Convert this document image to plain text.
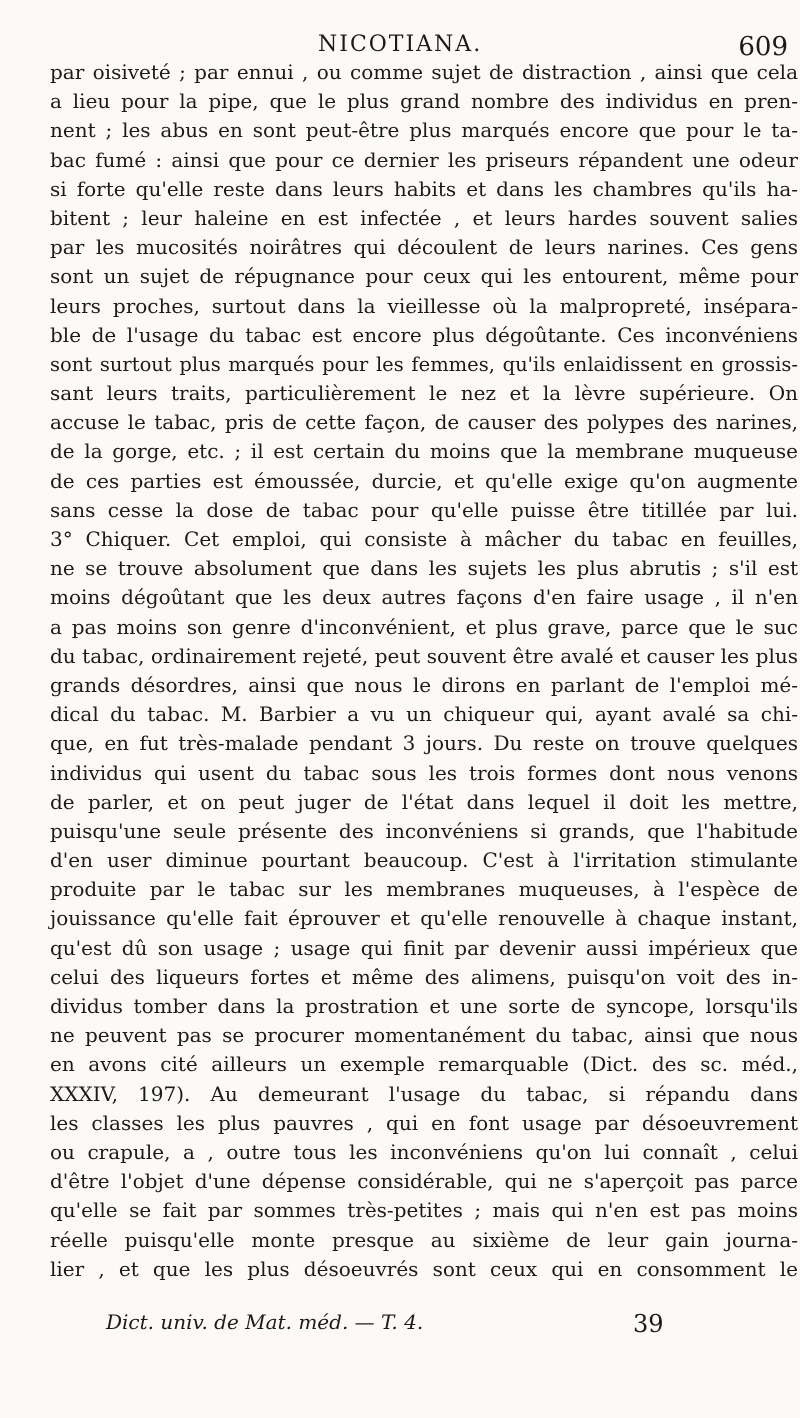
NICOTIANA.	609
par oisiveté ; par ennui , ou comme sujet de distraction , ainsi que cela
a lieu pour la pipe, que le plus grand nombre des individus en pren-
nent ; les abus en sont peut-être plus marqués encore que pour le ta-
bac fumé : ainsi que pour ce dernier les priseurs répandent une odeur
si forte qu'elle reste dans leurs habits et dans les chambres qu'ils ha-
bitent ; leur haleine en est infectée , et leurs hardes souvent salies
par les mucosités noirâtres qui découlent de leurs narines. Ces gens
sont un sujet de répugnance pour ceux qui les entourent, même pour
leurs proches, surtout dans la vieillesse où la malpropreté, insépara-
ble de l'usage du tabac est encore plus dégoûtante. Ces inconvéniens
sont surtout plus marqués pour les femmes, qu'ils enlaidissent en grossis-
sant leurs traits, particulièrement le nez et la lèvre supérieure. On
accuse le tabac, pris de cette façon, de causer des polypes des narines,
de la gorge, etc. ; il est certain du moins que la membrane muqueuse
de ces parties est émoussée, durcie, et qu'elle exige qu'on augmente
sans cesse la dose de tabac pour qu'elle puisse être titillée par lui.
3° Chiquer. Cet emploi, qui consiste à mâcher du tabac en feuilles,
ne se trouve absolument que dans les sujets les plus abrutis ; s'il est
moins dégoûtant que les deux autres façons d'en faire usage , il n'en
a pas moins son genre d'inconvénient, et plus grave, parce que le suc
du tabac, ordinairement rejeté, peut souvent être avalé et causer les plus
grands désordres, ainsi que nous le dirons en parlant de l'emploi mé-
dical du tabac. M. Barbier a vu un chiqueur qui, ayant avalé sa chi-
que, en fut très-malade pendant 3 jours. Du reste on trouve quelques
individus qui usent du tabac sous les trois formes dont nous venons
de parler, et on peut juger de l'état dans lequel il doit les mettre,
puisqu'une seule présente des inconvéniens si grands, que l'habitude
d'en user diminue pourtant beaucoup. C'est à l'irritation stimulante
produite par le tabac sur les membranes muqueuses, à l'espèce de
jouissance qu'elle fait éprouver et qu'elle renouvelle à chaque instant,
qu'est dû son usage ; usage qui finit par devenir aussi impérieux que
celui des liqueurs fortes et même des alimens, puisqu'on voit des in-
dividus tomber dans la prostration et une sorte de syncope, lorsqu'ils
ne peuvent pas se procurer momentanément du tabac, ainsi que nous
en avons cité ailleurs un exemple remarquable (Dict. des sc. méd.,
XXXIV, 197). Au demeurant l'usage du tabac, si répandu dans
les classes les plus pauvres , qui en font usage par désoeuvrement
ou crapule, a , outre tous les inconvéniens qu'on lui connaît , celui
d'être l'objet d'une dépense considérable, qui ne s'aperçoit pas parce
qu'elle se fait par sommes très-petites ; mais qui n'en est pas moins
réelle puisqu'elle monte presque au sixième de leur gain journa-
lier , et que les plus désoeuvrés sont ceux qui en consomment le
Dict. univ. de Mat. méd. — T. 4.	39
